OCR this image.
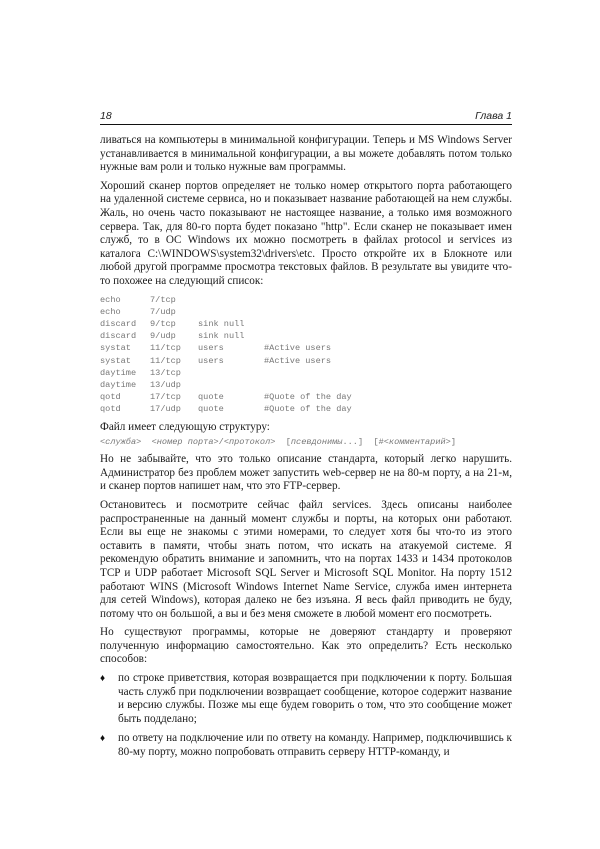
18	Глава 1

ливаться на компьютеры в минимальной конфигурации. Теперь и MS Windows Server устанавливается в минимальной конфигурации, а вы можете добавлять потом только нужные вам роли и только нужные вам программы.

Хороший сканер портов определяет не только номер открытого порта работающего на удаленной системе сервиса, но и показывает название работающей на нем службы. Жаль, но очень часто показывают не настоящее название, а только имя возможного сервера. Так, для 80-го порта будет показано "http". Если сканер не показывает имен служб, то в ОС Windows их можно посмотреть в файлах protocol и services из каталога C:\WINDOWS\system32\drivers\etc. Просто откройте их в Блокноте или любой другой программе просмотра текстовых файлов. В результате вы увидите что-то похожее на следующий список:

echo	7/tcp
echo	7/udp
discard	9/tcp	sink null
discard	9/udp	sink null
systat	11/tcp	users	#Active users
systat	11/tcp	users	#Active users
daytime	13/tcp
daytime	13/udp
qotd	17/tcp	quote	#Quote of the day
qotd	17/udp	quote	#Quote of the day

Файл имеет следующую структуру:

<служба> <номер порта>/<протокол> [псевдонимы...] [#<комментарий>]

Но не забывайте, что это только описание стандарта, который легко нарушить. Администратор без проблем может запустить web-сервер не на 80-м порту, а на 21-м, и сканер портов напишет нам, что это FTP-сервер.

Остановитесь и посмотрите сейчас файл services. Здесь описаны наиболее распространенные на данный момент службы и порты, на которых они работают. Если вы еще не знакомы с этими номерами, то следует хотя бы что-то из этого оставить в памяти, чтобы знать потом, что искать на атакуемой системе. Я рекомендую обратить внимание и запомнить, что на портах 1433 и 1434 протоколов TCP и UDP работает Microsoft SQL Server и Microsoft SQL Monitor. На порту 1512 работают WINS (Microsoft Windows Internet Name Service, служба имен интернета для сетей Windows), которая далеко не без изъяна. Я весь файл приводить не буду, потому что он большой, а вы и без меня сможете в любой момент его посмотреть.

Но существуют программы, которые не доверяют стандарту и проверяют полученную информацию самостоятельно. Как это определить? Есть несколько способов:

♦ по строке приветствия, которая возвращается при подключении к порту. Большая часть служб при подключении возвращает сообщение, которое содержит название и версию службы. Позже мы еще будем говорить о том, что это сообщение может быть подделано;
♦ по ответу на подключение или по ответу на команду. Например, подключившись к 80-му порту, можно попробовать отправить серверу HTTP-команду, и
